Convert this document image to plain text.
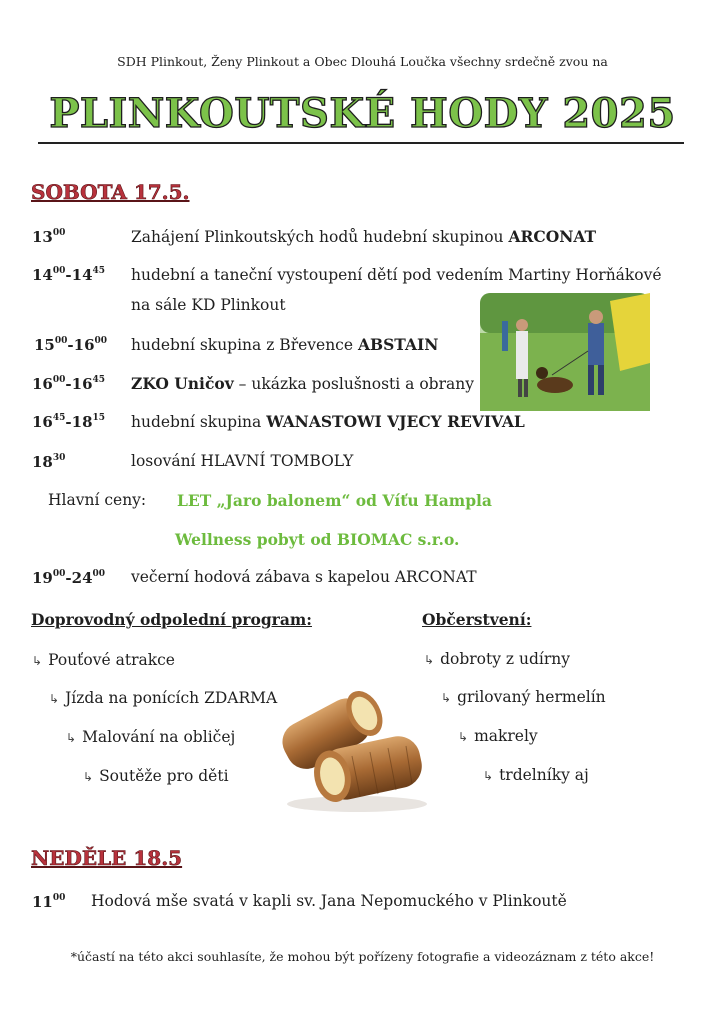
SDH Plinkout, Ženy Plinkout a Obec Dlouhá Loučka všechny srdečně zvou na
PLINKOUTSKÉ HODY 2025
SOBOTA 17.5.
$13^{00}$	Zahájení Plinkoutských hodů hudební skupinou ARCONAT
$14^{00}-14^{45}$ hudební a taneční vystoupení dětí pod vedením Martiny Horňákové
na sále KD Plinkout
$15^{00}-16^{00}$ hudební skupina z Břevence ABSTAIN
$16^{00}-16^{45}$ ZKO Uničov – ukázka poslušnosti a obrany
$16^{45}-18^{15}$ hudební skupina WANASTOWI VJECY REVIVAL
$18^{30}$	losování HLAVNÍ TOMBOLY
Hlavní ceny: LET „Jaro balonem“ od Víťu Hampla
Wellness pobyt od BIOMAC s.r.o.
$19^{00}-24^{00}$ večerní hodová zábava s kapelou ARCONAT
Doprovodný odpolední program:
↳ Pouťové atrakce
↳ Jízda na ponících ZDARMA
↳ Malování na obličej
↳ Soutěže pro děti
Občerstvení:
↳ dobroty z udírny
↳ grilovaný hermelín
↳ makrely
↳ trdelníky aj
NEDĚLE 18.5
$11^{00}$ Hodová mše svatá v kapli sv. Jana Nepomuckého v Plinkoutě
*účastí na této akci souhlasíte, že mohou být pořízeny fotografie a videozáznam z této akce!
